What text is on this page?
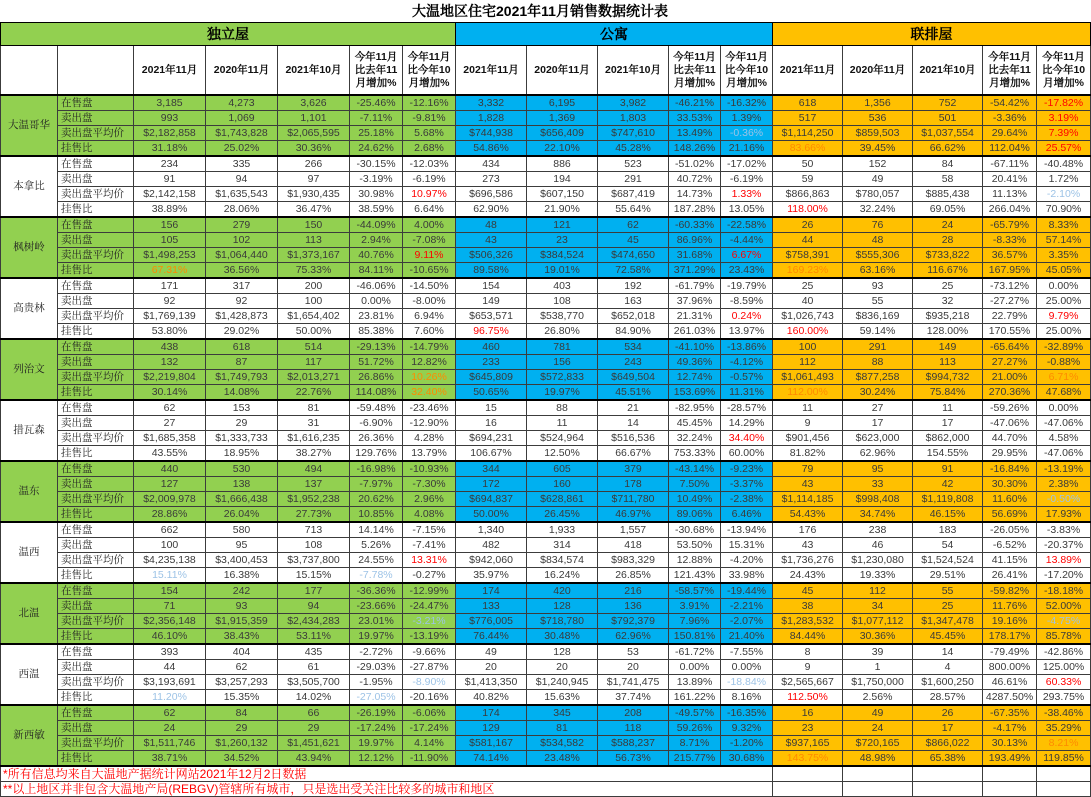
大温地区住宅2021年11月销售数据统计表
独立屋							公寓					联排屋				
		2021年11月	2020年11月	2021年10月	今年11月比去年11月增加%	今年11月比今年10月增加%	2021年11月	2020年11月	2021年10月	今年11月比去年11月增加%	今年11月比今年10月增加%	2021年11月	2020年11月	2021年10月	今年11月比去年11月增加%	今年11月比今年10月增加%
大温哥华	在售盘	3,185	4,273	3,626	-25.46%	-12.16%	3,332	6,195	3,982	-46.21%	-16.32%	618	1,356	752	-54.42%	-17.82%
	卖出盘	993	1,069	1,101	-7.11%	-9.81%	1,828	1,369	1,803	33.53%	1.39%	517	536	501	-3.36%	3.19%
	卖出盘平均价	$2,182,858	$1,743,828	$2,065,595	25.18%	5.68%	$744,938	$656,409	$747,610	13.49%	-0.36%	$1,114,250	$859,503	$1,037,554	29.64%	7.39%
	挂售比	31.18%	25.02%	30.36%	24.62%	2.68%	54.86%	22.10%	45.28%	148.26%	21.16%	83.66%	39.45%	66.62%	112.04%	25.57%
本拿比	在售盘	234	335	266	-30.15%	-12.03%	434	886	523	-51.02%	-17.02%	50	152	84	-67.11%	-40.48%
	卖出盘	91	94	97	-3.19%	-6.19%	273	194	291	40.72%	-6.19%	59	49	58	20.41%	1.72%
	卖出盘平均价	$2,142,158	$1,635,543	$1,930,435	30.98%	10.97%	$696,586	$607,150	$687,419	14.73%	1.33%	$866,863	$780,057	$885,438	11.13%	-2.10%
	挂售比	38.89%	28.06%	36.47%	38.59%	6.64%	62.90%	21.90%	55.64%	187.28%	13.05%	118.00%	32.24%	69.05%	266.04%	70.90%
枫树岭	在售盘	156	279	150	-44.09%	4.00%	48	121	62	-60.33%	-22.58%	26	76	24	-65.79%	8.33%
	卖出盘	105	102	113	2.94%	-7.08%	43	23	45	86.96%	-4.44%	44	48	28	-8.33%	57.14%
	卖出盘平均价	$1,498,253	$1,064,440	$1,373,167	40.76%	9.11%	$506,326	$384,524	$474,650	31.68%	6.67%	$758,391	$555,306	$733,822	36.57%	3.35%
	挂售比	67.31%	36.56%	75.33%	84.11%	-10.65%	89.58%	19.01%	72.58%	371.29%	23.43%	169.23%	63.16%	116.67%	167.95%	45.05%
高贵林	在售盘	171	317	200	-46.06%	-14.50%	154	403	192	-61.79%	-19.79%	25	93	25	-73.12%	0.00%
	卖出盘	92	92	100	0.00%	-8.00%	149	108	163	37.96%	-8.59%	40	55	32	-27.27%	25.00%
	卖出盘平均价	$1,769,139	$1,428,873	$1,654,402	23.81%	6.94%	$653,571	$538,770	$652,018	21.31%	0.24%	$1,026,743	$836,169	$935,218	22.79%	9.79%
	挂售比	53.80%	29.02%	50.00%	85.38%	7.60%	96.75%	26.80%	84.90%	261.03%	13.97%	160.00%	59.14%	128.00%	170.55%	25.00%
列治文	在售盘	438	618	514	-29.13%	-14.79%	460	781	534	-41.10%	-13.86%	100	291	149	-65.64%	-32.89%
	卖出盘	132	87	117	51.72%	12.82%	233	156	243	49.36%	-4.12%	112	88	113	27.27%	-0.88%
	卖出盘平均价	$2,219,804	$1,749,793	$2,013,271	26.86%	10.26%	$645,809	$572,833	$649,504	12.74%	-0.57%	$1,061,493	$877,258	$994,732	21.00%	6.71%
	挂售比	30.14%	14.08%	22.76%	114.08%	32.40%	50.65%	19.97%	45.51%	153.69%	11.31%	112.00%	30.24%	75.84%	270.36%	47.68%
措瓦森	在售盘	62	153	81	-59.48%	-23.46%	15	88	21	-82.95%	-28.57%	11	27	11	-59.26%	0.00%
	卖出盘	27	29	31	-6.90%	-12.90%	16	11	14	45.45%	14.29%	9	17	17	-47.06%	-47.06%
	卖出盘平均价	$1,685,358	$1,333,733	$1,616,235	26.36%	4.28%	$694,231	$524,964	$516,536	32.24%	34.40%	$901,456	$623,000	$862,000	44.70%	4.58%
	挂售比	43.55%	18.95%	38.27%	129.76%	13.79%	106.67%	12.50%	66.67%	753.33%	60.00%	81.82%	62.96%	154.55%	29.95%	-47.06%
温东	在售盘	440	530	494	-16.98%	-10.93%	344	605	379	-43.14%	-9.23%	79	95	91	-16.84%	-13.19%
	卖出盘	127	138	137	-7.97%	-7.30%	172	160	178	7.50%	-3.37%	43	33	42	30.30%	2.38%
	卖出盘平均价	$2,009,978	$1,666,438	$1,952,238	20.62%	2.96%	$694,837	$628,861	$711,780	10.49%	-2.38%	$1,114,185	$998,408	$1,119,808	11.60%	-0.50%
	挂售比	28.86%	26.04%	27.73%	10.85%	4.08%	50.00%	26.45%	46.97%	89.06%	6.46%	54.43%	34.74%	46.15%	56.69%	17.93%
温西	在售盘	662	580	713	14.14%	-7.15%	1,340	1,933	1,557	-30.68%	-13.94%	176	238	183	-26.05%	-3.83%
	卖出盘	100	95	108	5.26%	-7.41%	482	314	418	53.50%	15.31%	43	46	54	-6.52%	-20.37%
	卖出盘平均价	$4,235,138	$3,400,453	$3,737,800	24.55%	13.31%	$942,060	$834,574	$983,329	12.88%	-4.20%	$1,736,276	$1,230,080	$1,524,524	41.15%	13.89%
	挂售比	15.11%	16.38%	15.15%	-7.78%	-0.27%	35.97%	16.24%	26.85%	121.43%	33.98%	24.43%	19.33%	29.51%	26.41%	-17.20%
北温	在售盘	154	242	177	-36.36%	-12.99%	174	420	216	-58.57%	-19.44%	45	112	55	-59.82%	-18.18%
	卖出盘	71	93	94	-23.66%	-24.47%	133	128	136	3.91%	-2.21%	38	34	25	11.76%	52.00%
	卖出盘平均价	$2,356,148	$1,915,359	$2,434,283	23.01%	-3.21%	$776,005	$718,780	$792,379	7.96%	-2.07%	$1,283,532	$1,077,112	$1,347,478	19.16%	-4.75%
	挂售比	46.10%	38.43%	53.11%	19.97%	-13.19%	76.44%	30.48%	62.96%	150.81%	21.40%	84.44%	30.36%	45.45%	178.17%	85.78%
西温	在售盘	393	404	435	-2.72%	-9.66%	49	128	53	-61.72%	-7.55%	8	39	14	-79.49%	-42.86%
	卖出盘	44	62	61	-29.03%	-27.87%	20	20	20	0.00%	0.00%	9	1	4	800.00%	125.00%
	卖出盘平均价	$3,193,691	$3,257,293	$3,505,700	-1.95%	-8.90%	$1,413,350	$1,240,945	$1,741,475	13.89%	-18.84%	$2,565,667	$1,750,000	$1,600,250	46.61%	60.33%
	挂售比	11.20%	15.35%	14.02%	-27.05%	-20.16%	40.82%	15.63%	37.74%	161.22%	8.16%	112.50%	2.56%	28.57%	4287.50%	293.75%
新西敏	在售盘	62	84	66	-26.19%	-6.06%	174	345	208	-49.57%	-16.35%	16	49	26	-67.35%	-38.46%
	卖出盘	24	29	29	-17.24%	-17.24%	129	81	118	59.26%	9.32%	23	24	17	-4.17%	35.29%
	卖出盘平均价	$1,511,746	$1,260,132	$1,451,621	19.97%	4.14%	$581,167	$534,582	$588,237	8.71%	-1.20%	$937,165	$720,165	$866,022	30.13%	8.21%
	挂售比	38.71%	34.52%	43.94%	12.12%	-11.90%	74.14%	23.48%	56.73%	215.77%	30.68%	143.75%	48.98%	65.38%	193.49%	119.85%
*所有信息均来自大温地产据统计网站2021年12月2日数据																
**以上地区并非包含大温地产局(REBGV)管辖所有城市，只是选出受关注比较多的城市和地区																
